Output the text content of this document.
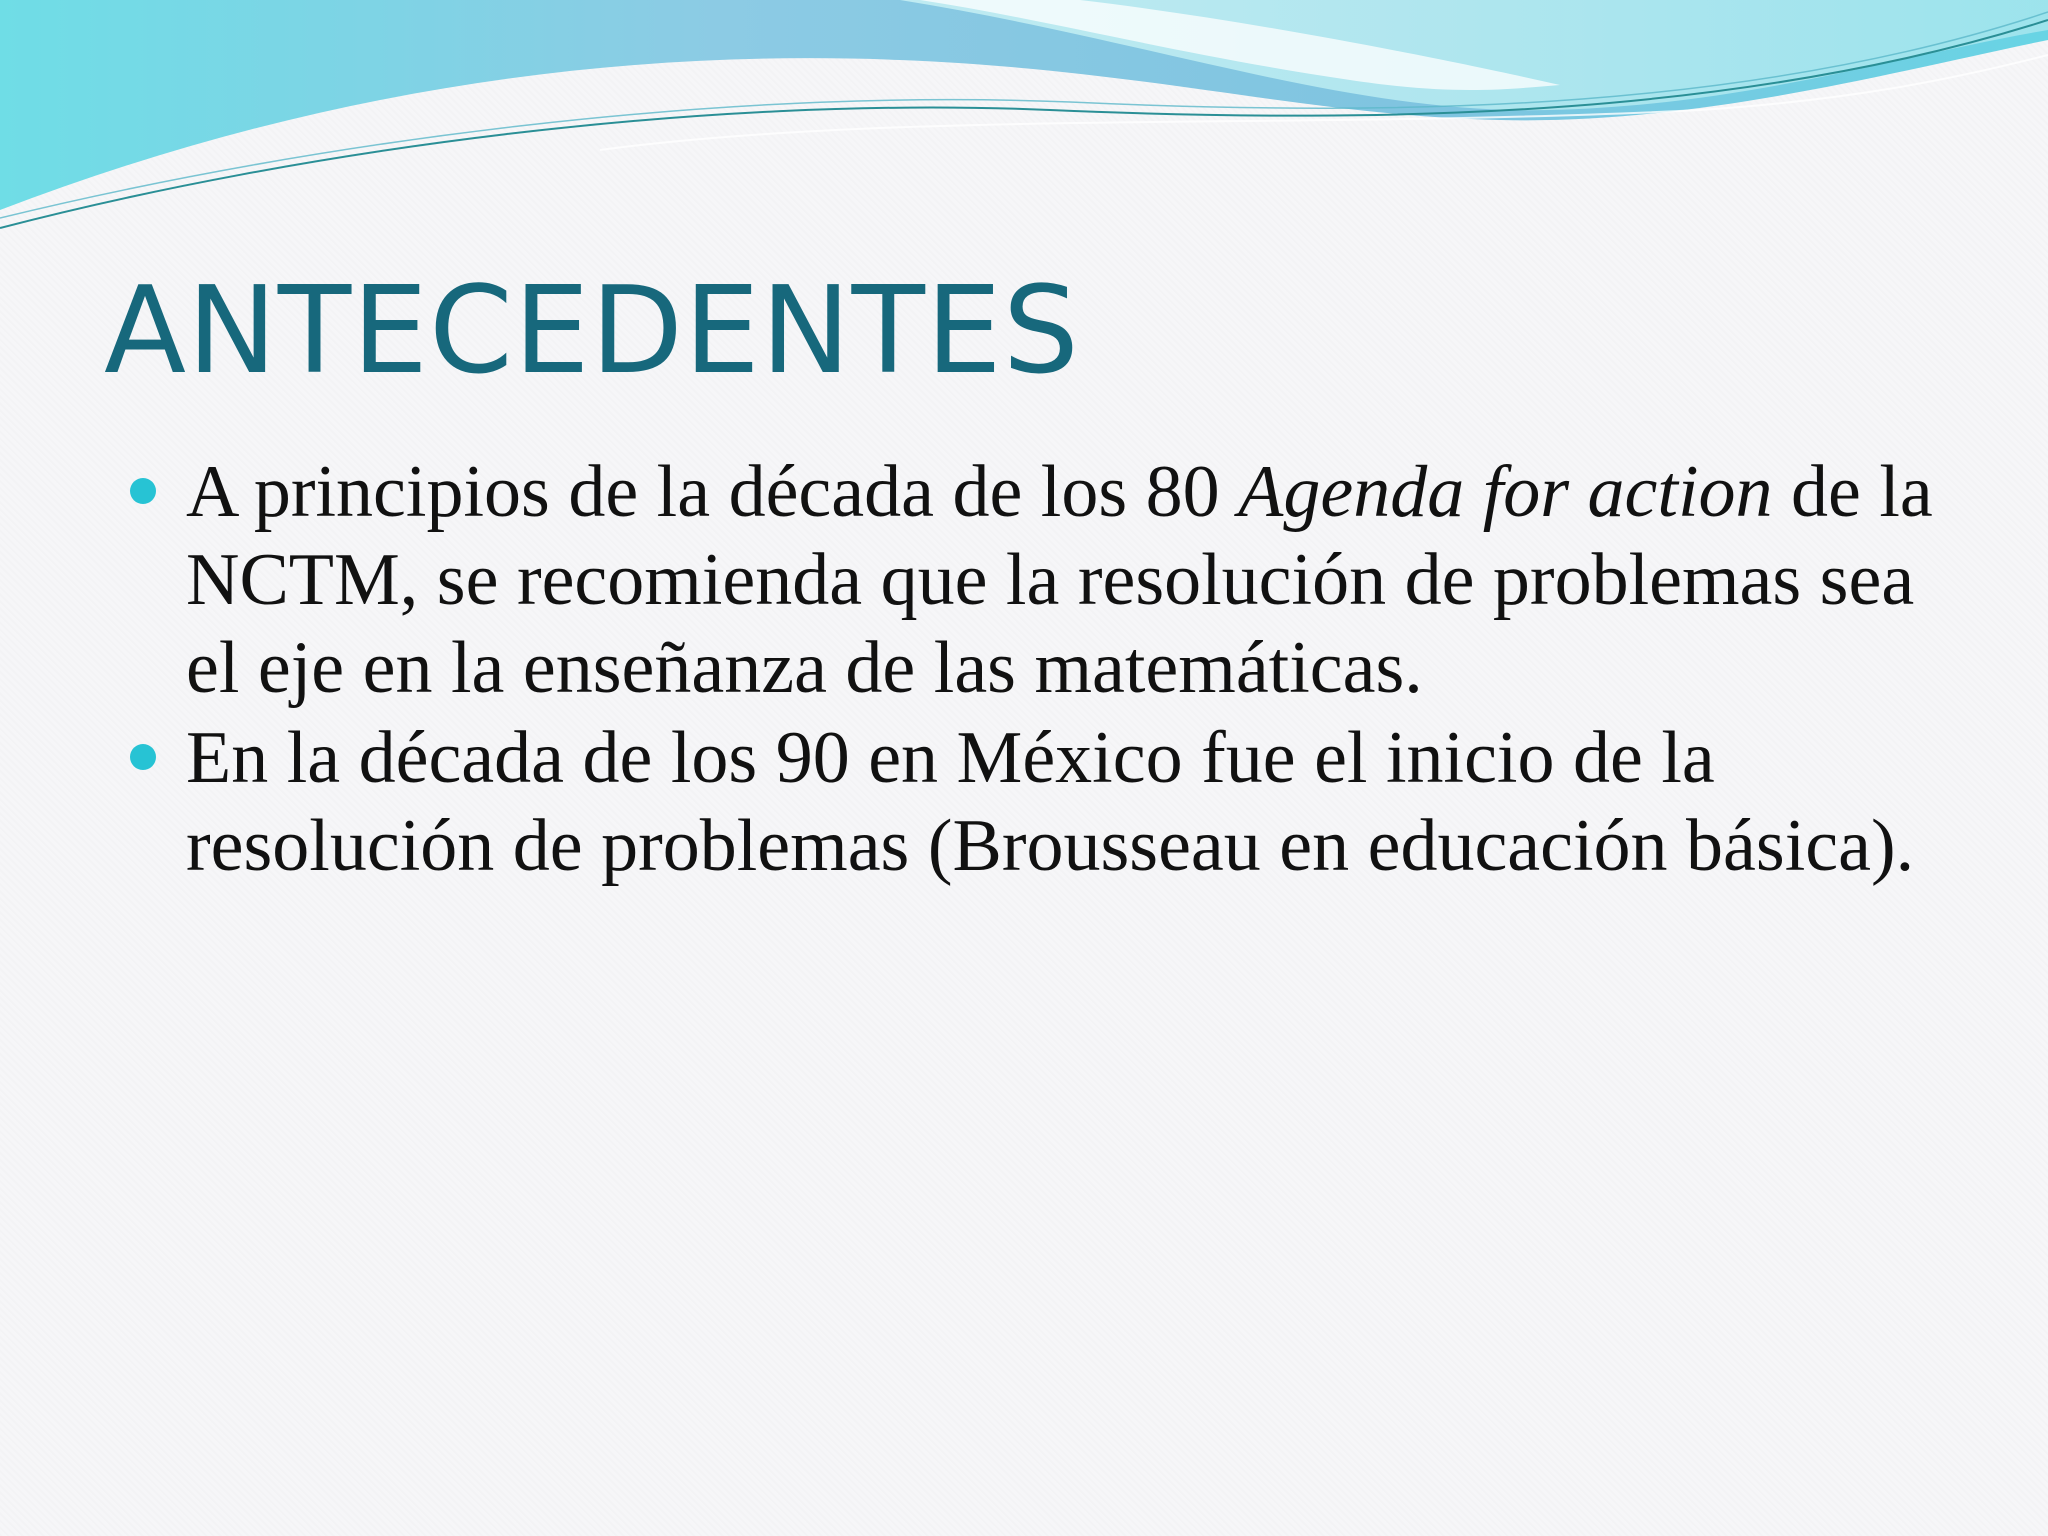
ANTECEDENTES
A principios de la década de los 80 Agenda for action de la NCTM, se recomienda que la resolución de problemas sea el eje en la enseñanza de las matemáticas.
En la década de los 90 en México fue el inicio de la resolución de problemas (Brousseau en educación básica).
